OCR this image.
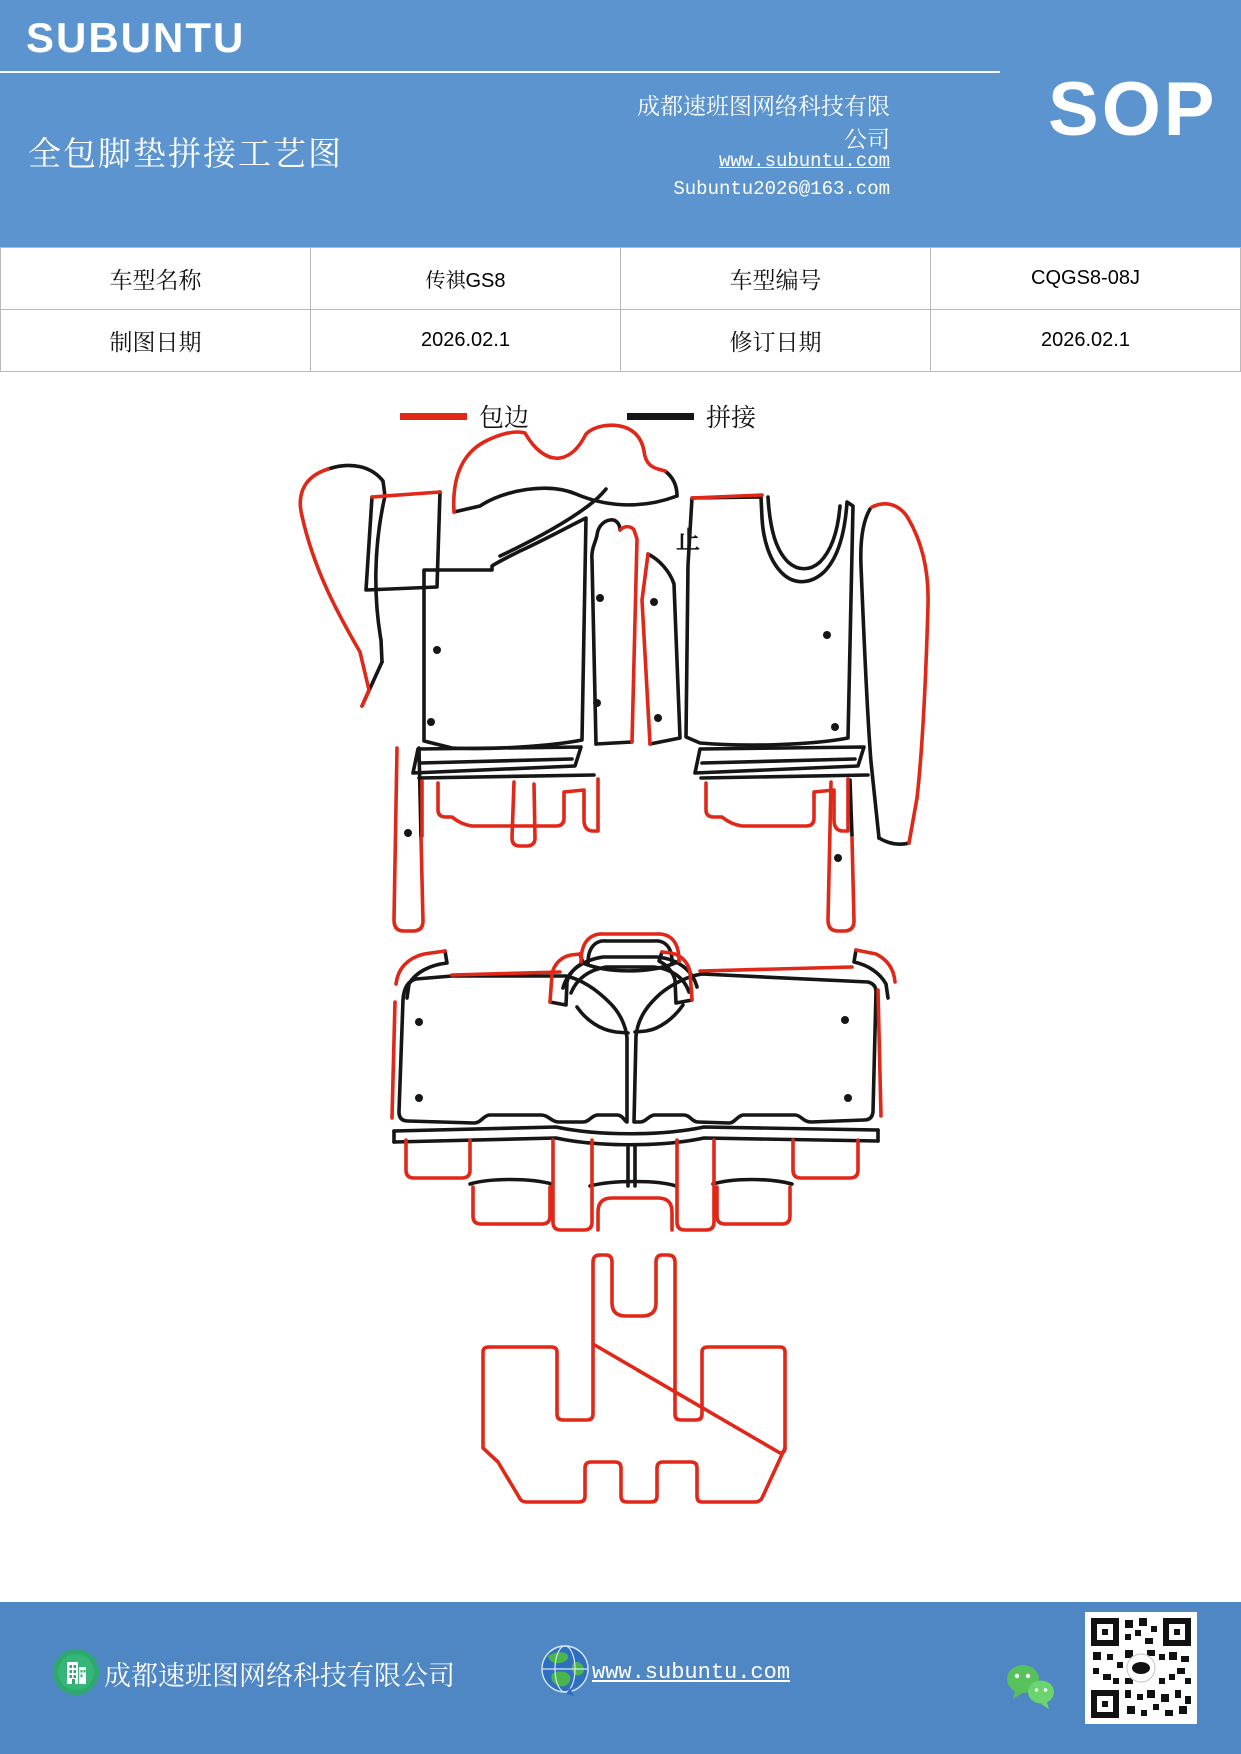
SUBUNTU
全包脚垫拼接工艺图
成都速班图网络科技有限公司 SOP
www.subuntu.com
Subuntu2026@163.com
车型名称	传祺GS8	车型编号	CQGS8-08J
制图日期	2026.02.1	修订日期	2026.02.1
包边	拼接
止
成都速班图网络科技有限公司	www.subuntu.com
